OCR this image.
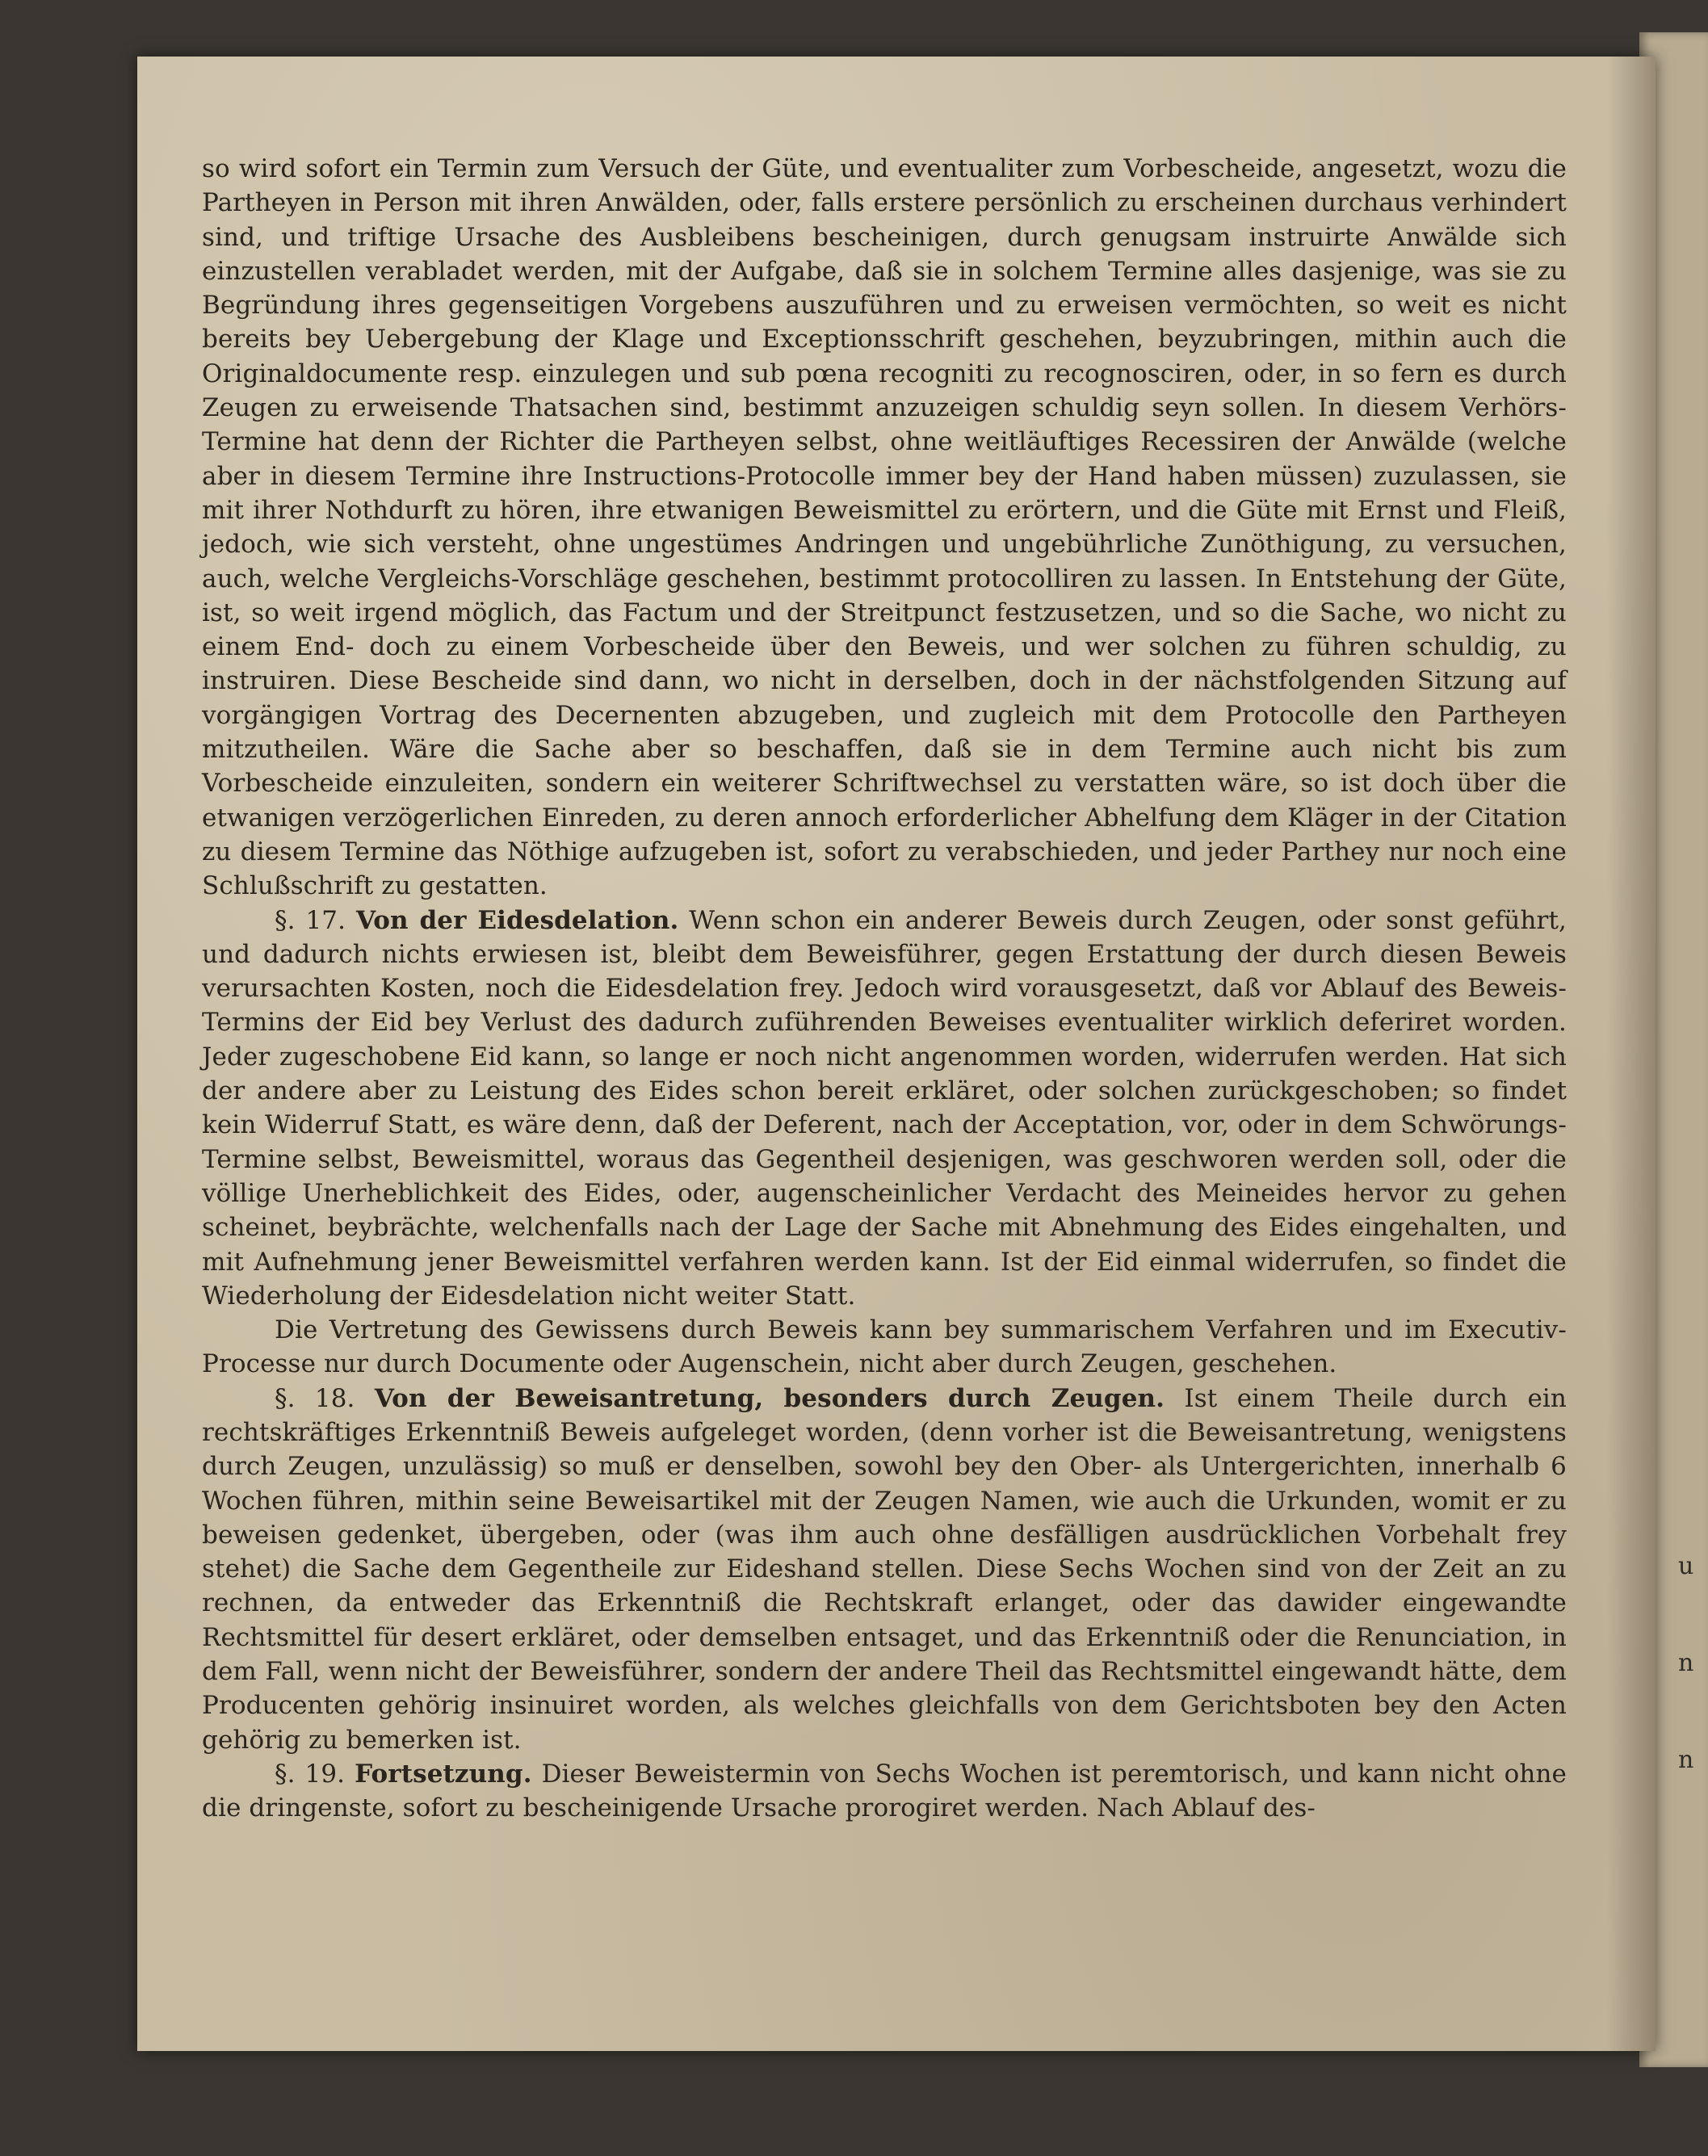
u
n
n

so wird sofort ein Termin zum Versuch der Güte, und eventualiter zum Vorbescheide, angesetzt, wozu die Partheyen in Person mit ihren Anwälden, oder, falls erstere persönlich zu erscheinen durchaus verhindert sind, und triftige Ursache des Ausbleibens bescheinigen, durch genugsam instruirte Anwälde sich einzustellen verabladet werden, mit der Aufgabe, daß sie in solchem Termine alles dasjenige, was sie zu Begründung ihres gegenseitigen Vorgebens auszuführen und zu erweisen vermöchten, so weit es nicht bereits bey Uebergebung der Klage und Exceptionsschrift geschehen, beyzubringen, mithin auch die Originaldocumente resp. einzulegen und sub pœna recogniti zu recognosciren, oder, in so fern es durch Zeugen zu erweisende Thatsachen sind, bestimmt anzuzeigen schuldig seyn sollen. In diesem Verhörs-Termine hat denn der Richter die Partheyen selbst, ohne weitläuftiges Recessiren der Anwälde (welche aber in diesem Termine ihre Instructions-Protocolle immer bey der Hand haben müssen) zuzulassen, sie mit ihrer Nothdurft zu hören, ihre etwanigen Beweismittel zu erörtern, und die Güte mit Ernst und Fleiß, jedoch, wie sich versteht, ohne ungestümes Andringen und ungebührliche Zunöthigung, zu versuchen, auch, welche Vergleichs-Vorschläge geschehen, bestimmt protocolliren zu lassen. In Entstehung der Güte, ist, so weit irgend möglich, das Factum und der Streitpunct festzusetzen, und so die Sache, wo nicht zu einem End- doch zu einem Vorbescheide über den Beweis, und wer solchen zu führen schuldig, zu instruiren. Diese Bescheide sind dann, wo nicht in derselben, doch in der nächstfolgenden Sitzung auf vorgängigen Vortrag des Decernenten abzugeben, und zugleich mit dem Protocolle den Partheyen mitzutheilen. Wäre die Sache aber so beschaffen, daß sie in dem Termine auch nicht bis zum Vorbescheide einzuleiten, sondern ein weiterer Schriftwechsel zu verstatten wäre, so ist doch über die etwanigen verzögerlichen Einreden, zu deren annoch erforderlicher Abhelfung dem Kläger in der Citation zu diesem Termine das Nöthige aufzugeben ist, sofort zu verabschieden, und jeder Parthey nur noch eine Schlußschrift zu gestatten.

§. 17. Von der Eidesdelation. Wenn schon ein anderer Beweis durch Zeugen, oder sonst geführt, und dadurch nichts erwiesen ist, bleibt dem Beweisführer, gegen Erstattung der durch diesen Beweis verursachten Kosten, noch die Eidesdelation frey. Jedoch wird vorausgesetzt, daß vor Ablauf des Beweis-Termins der Eid bey Verlust des dadurch zuführenden Beweises eventualiter wirklich deferiret worden. Jeder zugeschobene Eid kann, so lange er noch nicht angenommen worden, widerrufen werden. Hat sich der andere aber zu Leistung des Eides schon bereit erkläret, oder solchen zurückgeschoben; so findet kein Widerruf Statt, es wäre denn, daß der Deferent, nach der Acceptation, vor, oder in dem Schwörungs-Termine selbst, Beweismittel, woraus das Gegentheil desjenigen, was geschworen werden soll, oder die völlige Unerheblichkeit des Eides, oder, augenscheinlicher Verdacht des Meineides hervor zu gehen scheinet, beybrächte, welchenfalls nach der Lage der Sache mit Abnehmung des Eides eingehalten, und mit Aufnehmung jener Beweismittel verfahren werden kann. Ist der Eid einmal widerrufen, so findet die Wiederholung der Eidesdelation nicht weiter Statt.

Die Vertretung des Gewissens durch Beweis kann bey summarischem Verfahren und im Executiv-Processe nur durch Documente oder Augenschein, nicht aber durch Zeugen, geschehen.

§. 18. Von der Beweisantretung, besonders durch Zeugen. Ist einem Theile durch ein rechtskräftiges Erkenntniß Beweis aufgeleget worden, (denn vorher ist die Beweisantretung, wenigstens durch Zeugen, unzulässig) so muß er denselben, sowohl bey den Ober- als Untergerichten, innerhalb 6 Wochen führen, mithin seine Beweisartikel mit der Zeugen Namen, wie auch die Urkunden, womit er zu beweisen gedenket, übergeben, oder (was ihm auch ohne desfälligen ausdrücklichen Vorbehalt frey stehet) die Sache dem Gegentheile zur Eideshand stellen. Diese Sechs Wochen sind von der Zeit an zu rechnen, da entweder das Erkenntniß die Rechtskraft erlanget, oder das dawider eingewandte Rechtsmittel für desert erkläret, oder demselben entsaget, und das Erkenntniß oder die Renunciation, in dem Fall, wenn nicht der Beweisführer, sondern der andere Theil das Rechtsmittel eingewandt hätte, dem Producenten gehörig insinuiret worden, als welches gleichfalls von dem Gerichtsboten bey den Acten gehörig zu bemerken ist.

§. 19. Fortsetzung. Dieser Beweistermin von Sechs Wochen ist peremtorisch, und kann nicht ohne die dringenste, sofort zu bescheinigende Ursache prorogiret werden. Nach Ablauf des-
